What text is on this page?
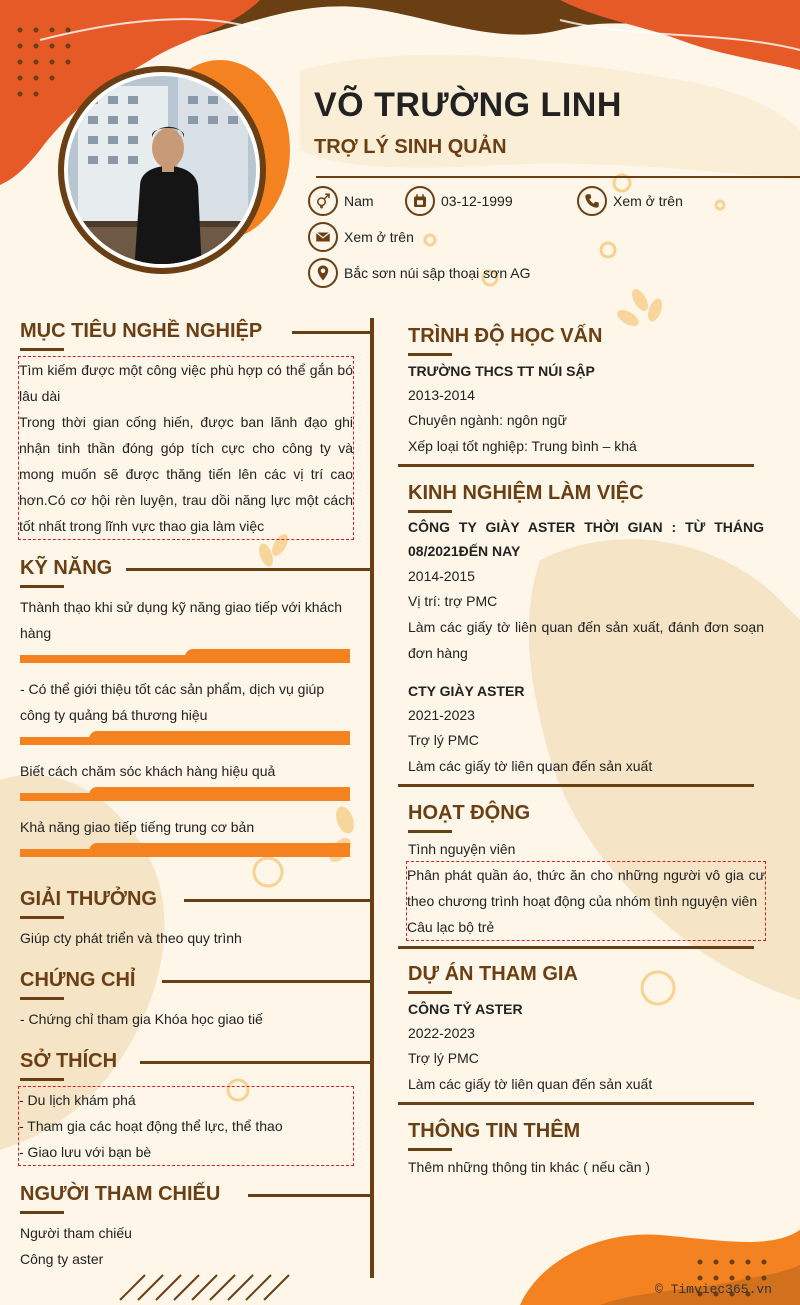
VÕ TRƯỜNG LINH
TRỢ LÝ SINH QUẢN
Nam	03-12-1999	Xem ở trên
Xem ở trên
Bắc sơn núi sập thoại sơn AG
MỤC TIÊU NGHỀ NGHIỆP
Tìm kiếm được một công việc phù hợp có thể gắn bó lâu dài
Trong thời gian cống hiến, được ban lãnh đạo ghi nhận tinh thần đóng góp tích cực cho công ty và mong muốn sẽ được thăng tiến lên các vị trí cao hơn.Có cơ hội rèn luyện, trau dồi năng lực một cách tốt nhất trong lĩnh vực thao gia làm việc
KỸ NĂNG
Thành thạo khi sử dụng kỹ năng giao tiếp với khách hàng
- Có thể giới thiệu tốt các sản phẩm, dịch vụ giúp công ty quảng bá thương hiệu
Biết cách chăm sóc khách hàng hiệu quả
Khả năng giao tiếp tiếng trung cơ bản
GIẢI THƯỞNG
Giúp cty phát triển và theo quy trình
CHỨNG CHỈ
- Chứng chỉ tham gia Khóa học giao tiế
SỞ THÍCH
- Du lịch khám phá
- Tham gia các hoạt động thể lực, thể thao
- Giao lưu với bạn bè
NGƯỜI THAM CHIẾU
Người tham chiếu
Công ty aster
TRÌNH ĐỘ HỌC VẤN
TRƯỜNG THCS TT NÚI SẬP
2013-2014
Chuyên ngành: ngôn ngữ
Xếp loại tốt nghiệp: Trung bình – khá
KINH NGHIỆM LÀM VIỆC
CÔNG TY GIÀY ASTER THỜI GIAN : TỪ THÁNG 08/2021ĐẾN NAY
2014-2015
Vị trí: trợ PMC
Làm các giấy tờ liên quan đến sản xuất, đánh đơn soạn đơn hàng
CTY GIÀY ASTER
2021-2023
Trợ lý PMC
Làm các giấy tờ liên quan đến sản xuất
HOẠT ĐỘNG
Tình nguyện viên
Phân phát quần áo, thức ăn cho những người vô gia cư theo chương trình hoạt động của nhóm tình nguyện viên
Câu lạc bộ trẻ
DỰ ÁN THAM GIA
CÔNG TỶ ASTER
2022-2023
Trợ lý PMC
Làm các giấy tờ liên quan đến sản xuất
THÔNG TIN THÊM
Thêm những thông tin khác ( nếu cần )
© Timviec365.vn
